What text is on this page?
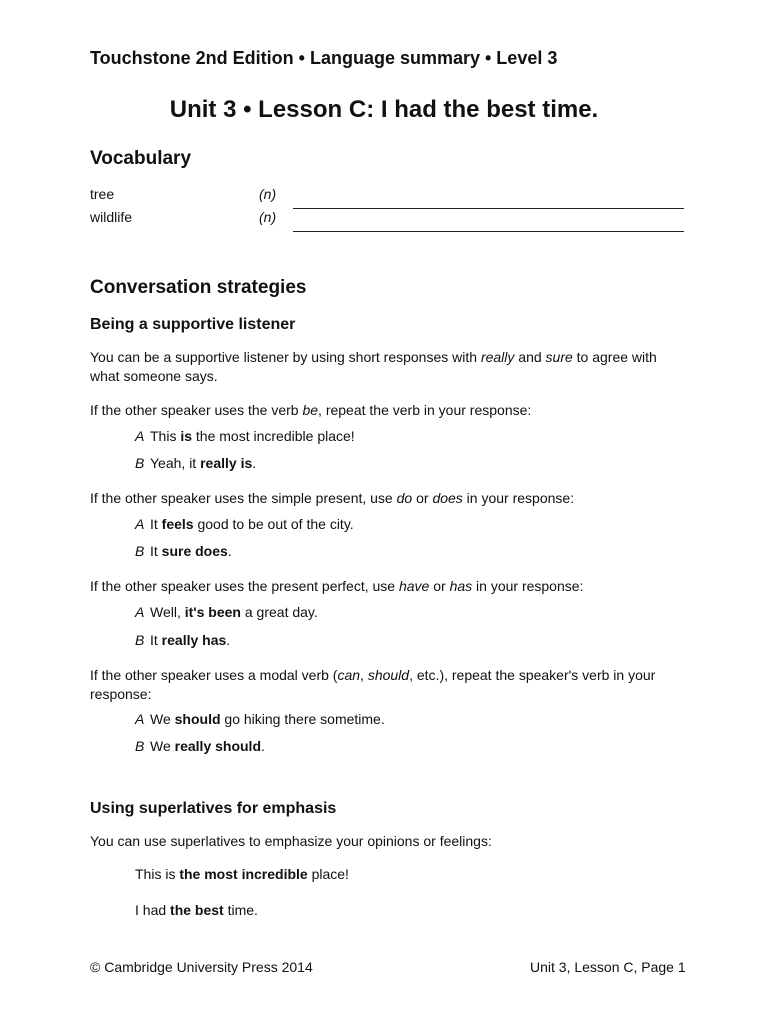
Touchstone 2nd Edition • Language summary • Level 3
Unit 3 • Lesson C: I had the best time.
Vocabulary
tree	(n)
wildlife	(n)
Conversation strategies
Being a supportive listener
You can be a supportive listener by using short responses with really and sure to agree with what someone says.
If the other speaker uses the verb be, repeat the verb in your response:
A This is the most incredible place!
B Yeah, it really is.
If the other speaker uses the simple present, use do or does in your response:
A It feels good to be out of the city.
B It sure does.
If the other speaker uses the present perfect, use have or has in your response:
A Well, it's been a great day.
B It really has.
If the other speaker uses a modal verb (can, should, etc.), repeat the speaker's verb in your response:
A We should go hiking there sometime.
B We really should.
Using superlatives for emphasis
You can use superlatives to emphasize your opinions or feelings:
This is the most incredible place!
I had the best time.
© Cambridge University Press 2014	Unit 3, Lesson C, Page 1
